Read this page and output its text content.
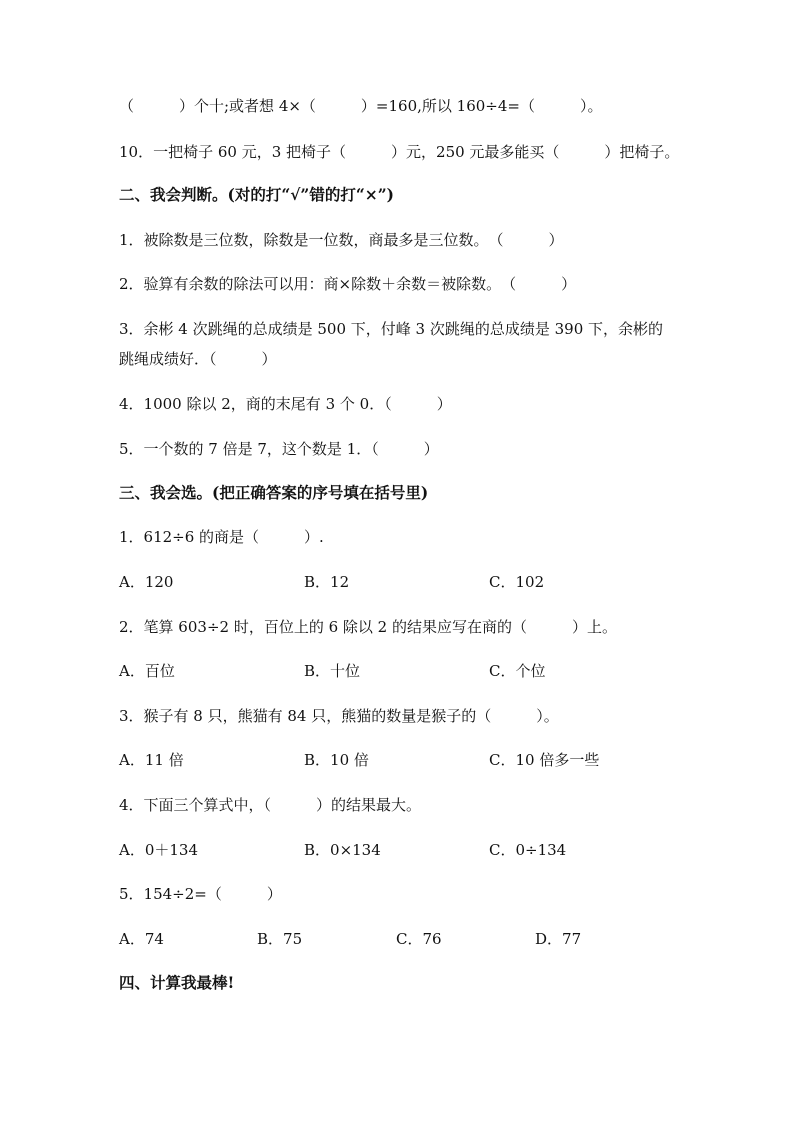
（　　　）个十;或者想 4×（　　　）=160,所以 160÷4=（　　　）。
10．一把椅子 60 元，3 把椅子（　　　）元，250 元最多能买（　　　）把椅子。
二、我会判断。(对的打“√”错的打“×”)
1．被除数是三位数，除数是一位数，商最多是三位数。　（　　　）
2．验算有余数的除法可以用：商×除数＋余数＝被除数。　（　　　）
3．余彬 4 次跳绳的总成绩是 500 下，付峰 3 次跳绳的总成绩是 390 下，余彬的
跳绳成绩好．（　　　）
4．1000 除以 2，商的末尾有 3 个 0．（　　　）
5．一个数的 7 倍是 7，这个数是 1．（　　　）
三、我会选。(把正确答案的序号填在括号里)
1．612÷6 的商是（　　　）.
A．120	B．12	C．102
2．笔算 603÷2 时，百位上的 6 除以 2 的结果应写在商的（　　　）上。
A．百位	B．十位	C．个位
3．猴子有 8 只，熊猫有 84 只，熊猫的数量是猴子的（　　　）。
A．11 倍	B．10 倍	C．10 倍多一些
4．下面三个算式中，（　　　）的结果最大。
A．0＋134	B．0×134	C．0÷134
5．154÷2=（　　　）
A．74	B．75	C．76	D．77
四、计算我最棒!
